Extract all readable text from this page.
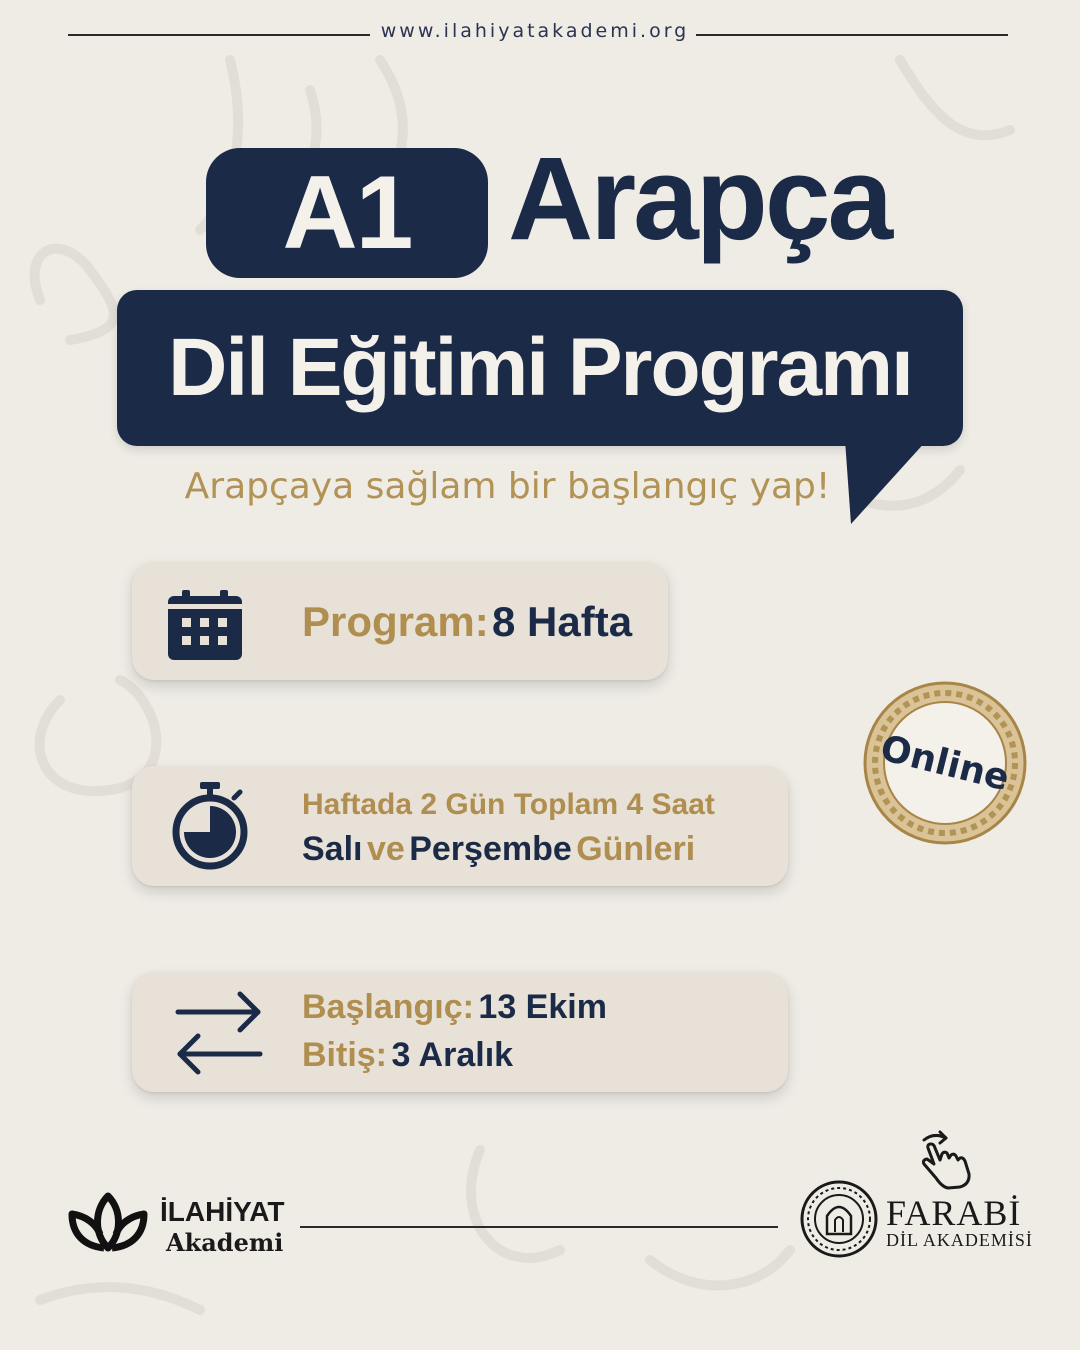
www.ilahiyatakademi.org
A1 Arapça
Dil Eğitimi Programı
Arapçaya sağlam bir başlangıç yap!
Program: 8 Hafta
Haftada 2 Gün Toplam 4 Saat
Salı ve Perşembe Günleri
Başlangıç: 13 Ekim
Bitiş: 3 Aralık
Online
İLAHİYAT
Akademi
FARABİ
DİL AKADEMİSİ
